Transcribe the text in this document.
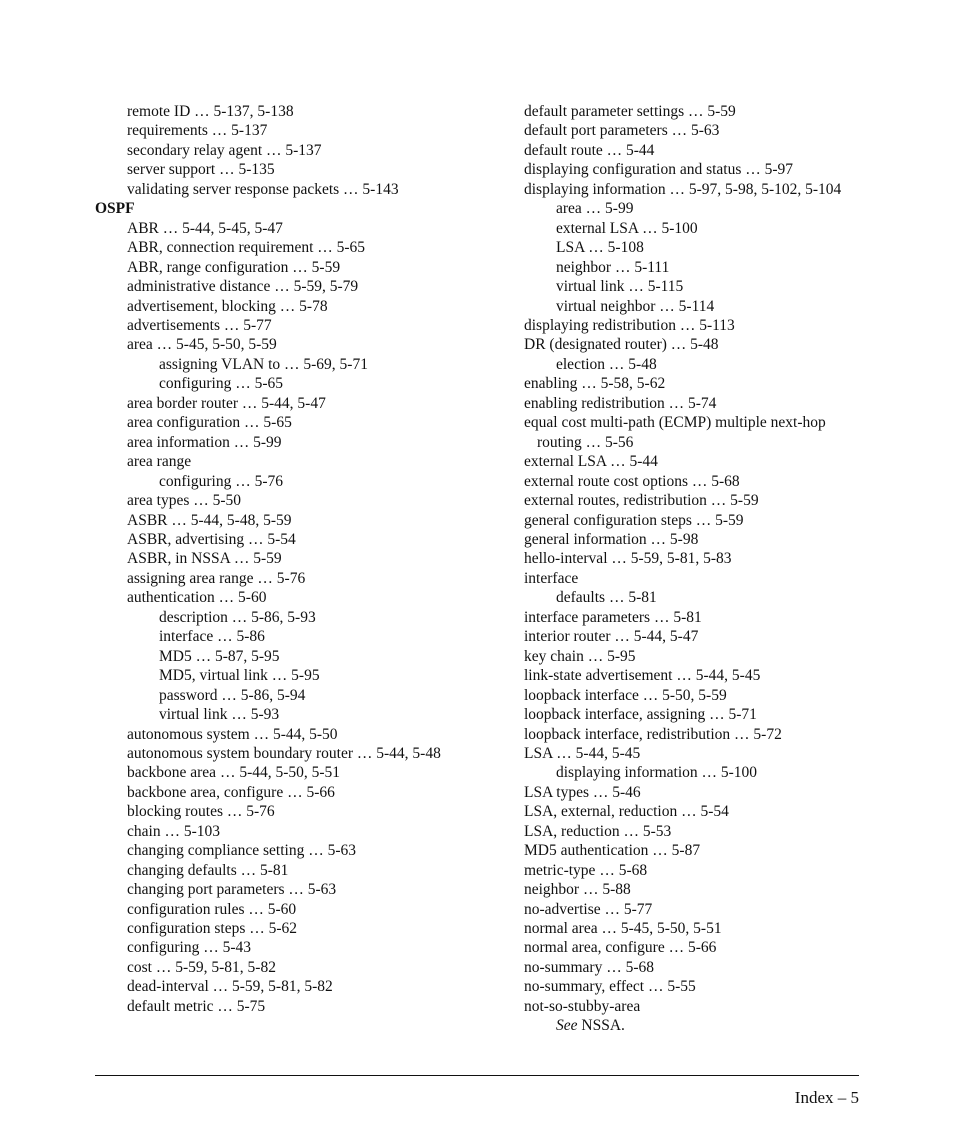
remote ID … 5-137, 5-138
requirements … 5-137
secondary relay agent … 5-137
server support … 5-135
validating server response packets … 5-143
OSPF
ABR … 5-44, 5-45, 5-47
ABR, connection requirement … 5-65
ABR, range configuration … 5-59
administrative distance … 5-59, 5-79
advertisement, blocking … 5-78
advertisements … 5-77
area … 5-45, 5-50, 5-59
assigning VLAN to … 5-69, 5-71
configuring … 5-65
area border router … 5-44, 5-47
area configuration … 5-65
area information … 5-99
area range
configuring … 5-76
area types … 5-50
ASBR … 5-44, 5-48, 5-59
ASBR, advertising … 5-54
ASBR, in NSSA … 5-59
assigning area range … 5-76
authentication … 5-60
description … 5-86, 5-93
interface … 5-86
MD5 … 5-87, 5-95
MD5, virtual link … 5-95
password … 5-86, 5-94
virtual link … 5-93
autonomous system … 5-44, 5-50
autonomous system boundary router … 5-44, 5-48
backbone area … 5-44, 5-50, 5-51
backbone area, configure … 5-66
blocking routes … 5-76
chain … 5-103
changing compliance setting … 5-63
changing defaults … 5-81
changing port parameters … 5-63
configuration rules … 5-60
configuration steps … 5-62
configuring … 5-43
cost … 5-59, 5-81, 5-82
dead-interval … 5-59, 5-81, 5-82
default metric … 5-75
default parameter settings … 5-59
default port parameters … 5-63
default route … 5-44
displaying configuration and status … 5-97
displaying information … 5-97, 5-98, 5-102, 5-104
area … 5-99
external LSA … 5-100
LSA … 5-108
neighbor … 5-111
virtual link … 5-115
virtual neighbor … 5-114
displaying redistribution … 5-113
DR (designated router) … 5-48
election … 5-48
enabling … 5-58, 5-62
enabling redistribution … 5-74
equal cost multi-path (ECMP) multiple next-hop routing … 5-56
external LSA … 5-44
external route cost options … 5-68
external routes, redistribution … 5-59
general configuration steps … 5-59
general information … 5-98
hello-interval … 5-59, 5-81, 5-83
interface
defaults … 5-81
interface parameters … 5-81
interior router … 5-44, 5-47
key chain … 5-95
link-state advertisement … 5-44, 5-45
loopback interface … 5-50, 5-59
loopback interface, assigning … 5-71
loopback interface, redistribution … 5-72
LSA … 5-44, 5-45
displaying information … 5-100
LSA types … 5-46
LSA, external, reduction … 5-54
LSA, reduction … 5-53
MD5 authentication … 5-87
metric-type … 5-68
neighbor … 5-88
no-advertise … 5-77
normal area … 5-45, 5-50, 5-51
normal area, configure … 5-66
no-summary … 5-68
no-summary, effect … 5-55
not-so-stubby-area
See NSSA.
Index – 5
